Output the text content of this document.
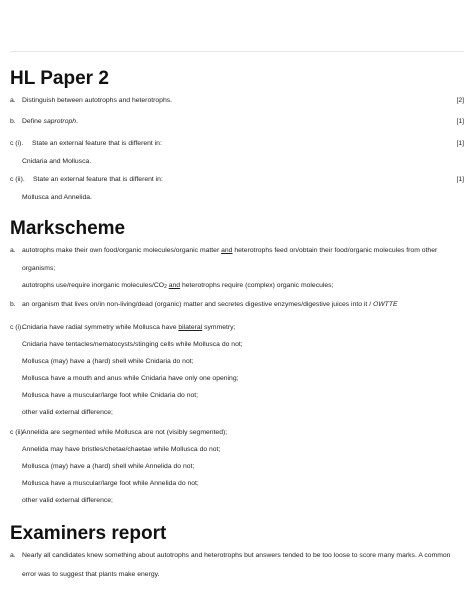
HL Paper 2
a. Distinguish between autotrophs and heterotrophs.	[2]
b. Define saprotroph.	[1]
c (i). State an external feature that is different in:	[1]
Cnidaria and Mollusca.
c (ii). State an external feature that is different in:	[1]
Mollusca and Annelida.
Markscheme
a. autotrophs make their own food/organic molecules/organic matter and heterotrophs feed on/obtain their food/organic molecules from other
organisms;
autotrophs use/require inorganic molecules/$CO_2$ and heterotrophs require (complex) organic molecules;
b. an organism that lives on/in non-living/dead (organic) matter and secretes digestive enzymes/digestive juices into it / OWTTE
c (i).
Cnidaria have radial symmetry while Mollusca have bilateral symmetry;
Cnidaria have tentacles/nematocysts/stinging cells while Mollusca do not;
Mollusca (may) have a (hard) shell while Cnidaria do not;
Mollusca have a mouth and anus while Cnidaria have only one opening;
Mollusca have a muscular/large foot while Cnidaria do not;
other valid external difference;
c (ii).
Annelida are segmented while Mollusca are not (visibly segmented);
Annelida may have bristles/chetae/chaetae while Mollusca do not;
Mollusca (may) have a (hard) shell while Annelida do not;
Mollusca have a muscular/large foot while Annelida do not;
other valid external difference;
Examiners report
a. Nearly all candidates knew something about autotrophs and heterotrophs but answers tended to be too loose to score many marks. A common
error was to suggest that plants make energy.
